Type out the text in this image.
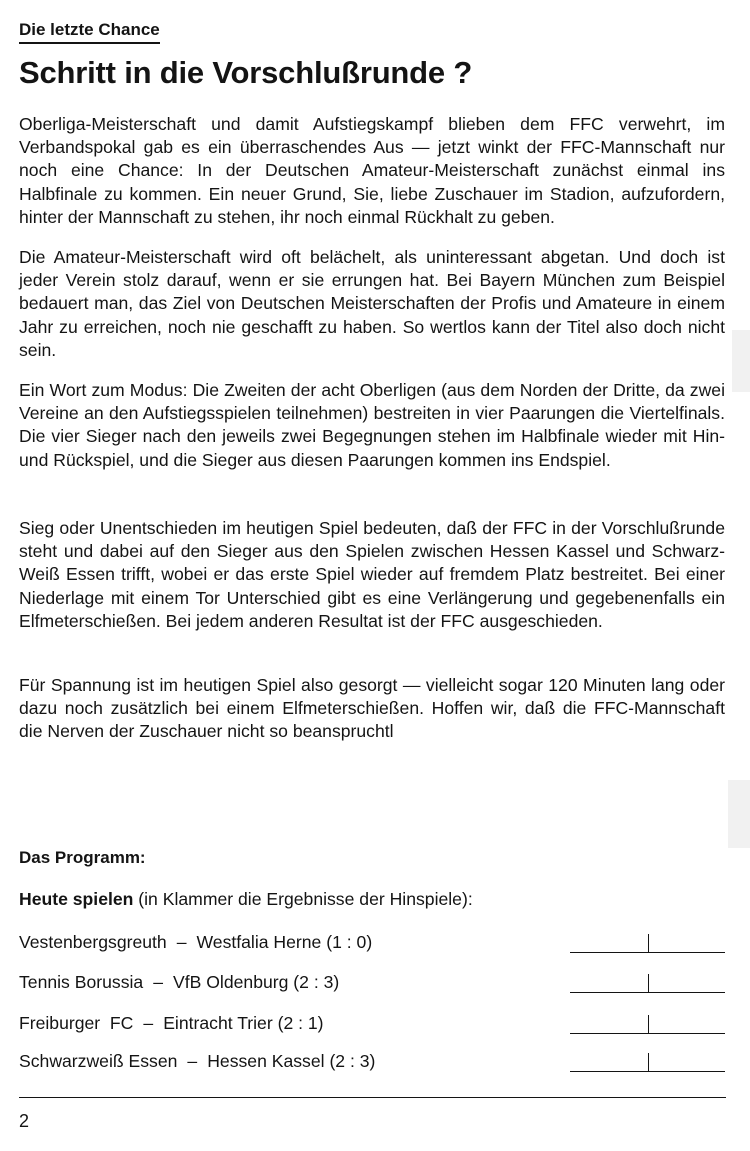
Die letzte Chance
Schritt in die Vorschlußrunde ?

Oberliga-Meisterschaft und damit Aufstiegskampf blieben dem FFC verwehrt, im Verbandspokal gab es ein überraschendes Aus — jetzt winkt der FFC-Mannschaft nur noch eine Chance: In der Deutschen Amateur-Meisterschaft zunächst einmal ins Halbfinale zu kommen. Ein neuer Grund, Sie, liebe Zuschauer im Stadion, aufzufordern, hinter der Mannschaft zu stehen, ihr noch einmal Rückhalt zu geben.

Die Amateur-Meisterschaft wird oft belächelt, als uninteressant abgetan. Und doch ist jeder Verein stolz darauf, wenn er sie errungen hat. Bei Bayern München zum Beispiel bedauert man, das Ziel von Deutschen Meisterschaften der Profis und Amateure in einem Jahr zu erreichen, noch nie geschafft zu haben. So wertlos kann der Titel also doch nicht sein.

Ein Wort zum Modus: Die Zweiten der acht Oberligen (aus dem Norden der Dritte, da zwei Vereine an den Aufstiegsspielen teilnehmen) bestreiten in vier Paarungen die Viertelfinals. Die vier Sieger nach den jeweils zwei Begegnungen stehen im Halbfinale wieder mit Hin- und Rückspiel, und die Sieger aus diesen Paarungen kommen ins Endspiel.

Sieg oder Unentschieden im heutigen Spiel bedeuten, daß der FFC in der Vorschlußrunde steht und dabei auf den Sieger aus den Spielen zwischen Hessen Kassel und Schwarz-Weiß Essen trifft, wobei er das erste Spiel wieder auf fremdem Platz bestreitet. Bei einer Niederlage mit einem Tor Unterschied gibt es eine Verlängerung und gegebenenfalls ein Elfmeterschießen. Bei jedem anderen Resultat ist der FFC ausgeschieden.

Für Spannung ist im heutigen Spiel also gesorgt — vielleicht sogar 120 Minuten lang oder dazu noch zusätzlich bei einem Elfmeterschießen. Hoffen wir, daß die FFC-Mannschaft die Nerven der Zuschauer nicht so beanspruchtl

Das Programm:
Heute spielen (in Klammer die Ergebnisse der Hinspiele):
Vestenbergsgreuth – Westfalia Herne (1 : 0)
Tennis Borussia – VfB Oldenburg (2 : 3)
Freiburger  FC – Eintracht Trier (2 : 1)
Schwarzweiß Essen – Hessen Kassel (2 : 3)
2
